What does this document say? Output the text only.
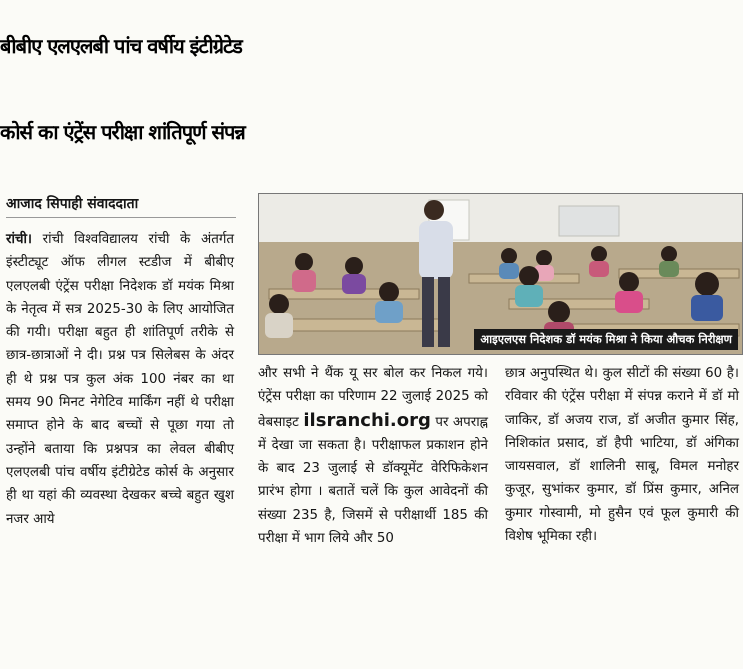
बीबीए एलएलबी पांच वर्षीय इंटीग्रेटेड
कोर्स का एंट्रेंस परीक्षा शांतिपूर्ण संपन्न
आजाद सिपाही संवाददाता
आइएलएस निदेशक डॉ मयंक मिश्रा ने किया औचक निरीक्षण

रांची। रांची विश्वविद्यालय रांची के अंतर्गत इंस्टीट्यूट ऑफ लीगल स्टडीज में बीबीए एलएलबी एंट्रेंस परीक्षा निदेशक डॉ मयंक मिश्रा के नेतृत्व में सत्र 2025-30 के लिए आयोजित की गयी। परीक्षा बहुत ही शांतिपूर्ण तरीके से छात्र-छात्राओं ने दी। प्रश्न पत्र सिलेबस के अंदर ही थे प्रश्न पत्र कुल अंक 100 नंबर का था समय 90 मिनट नेगेटिव मार्किंग नहीं थे परीक्षा समाप्त होने के बाद बच्चों से पूछा गया तो उन्होंने बताया कि प्रश्नपत्र का लेवल बीबीए एलएलबी पांच वर्षीय इंटीग्रेटेड कोर्स के अनुसार ही था यहां की व्यवस्था देखकर बच्चे बहुत खुश नजर आये

और सभी ने थैंक यू सर बोल कर निकल गये। एंट्रेंस परीक्षा का परिणाम 22 जुलाई 2025 को वेबसाइट ilsranchi.org पर अपराह्न में देखा जा सकता है। परीक्षाफल प्रकाशन होने के बाद 23 जुलाई से डॉक्यूमेंट वेरिफिकेशन प्रारंभ होगा । बतातें चलें कि कुल आवेदनों की संख्या 235 है, जिसमें से परीक्षार्थी 185 की परीक्षा में भाग लिये और 50

छात्र अनुपस्थित थे। कुल सीटों की संख्या 60 है। रविवार की एंट्रेंस परीक्षा में संपन्न कराने में डॉ मो जाकिर, डॉ अजय राज, डॉ अजीत कुमार सिंह, निशिकांत प्रसाद, डॉ हैपी भाटिया, डॉ अंगिका जायसवाल, डॉ शालिनी साबू, विमल मनोहर कुजूर, सुभांकर कुमार, डॉ प्रिंस कुमार, अनिल कुमार गोस्वामी, मो हुसैन एवं फूल कुमारी की विशेष भूमिका रही।
